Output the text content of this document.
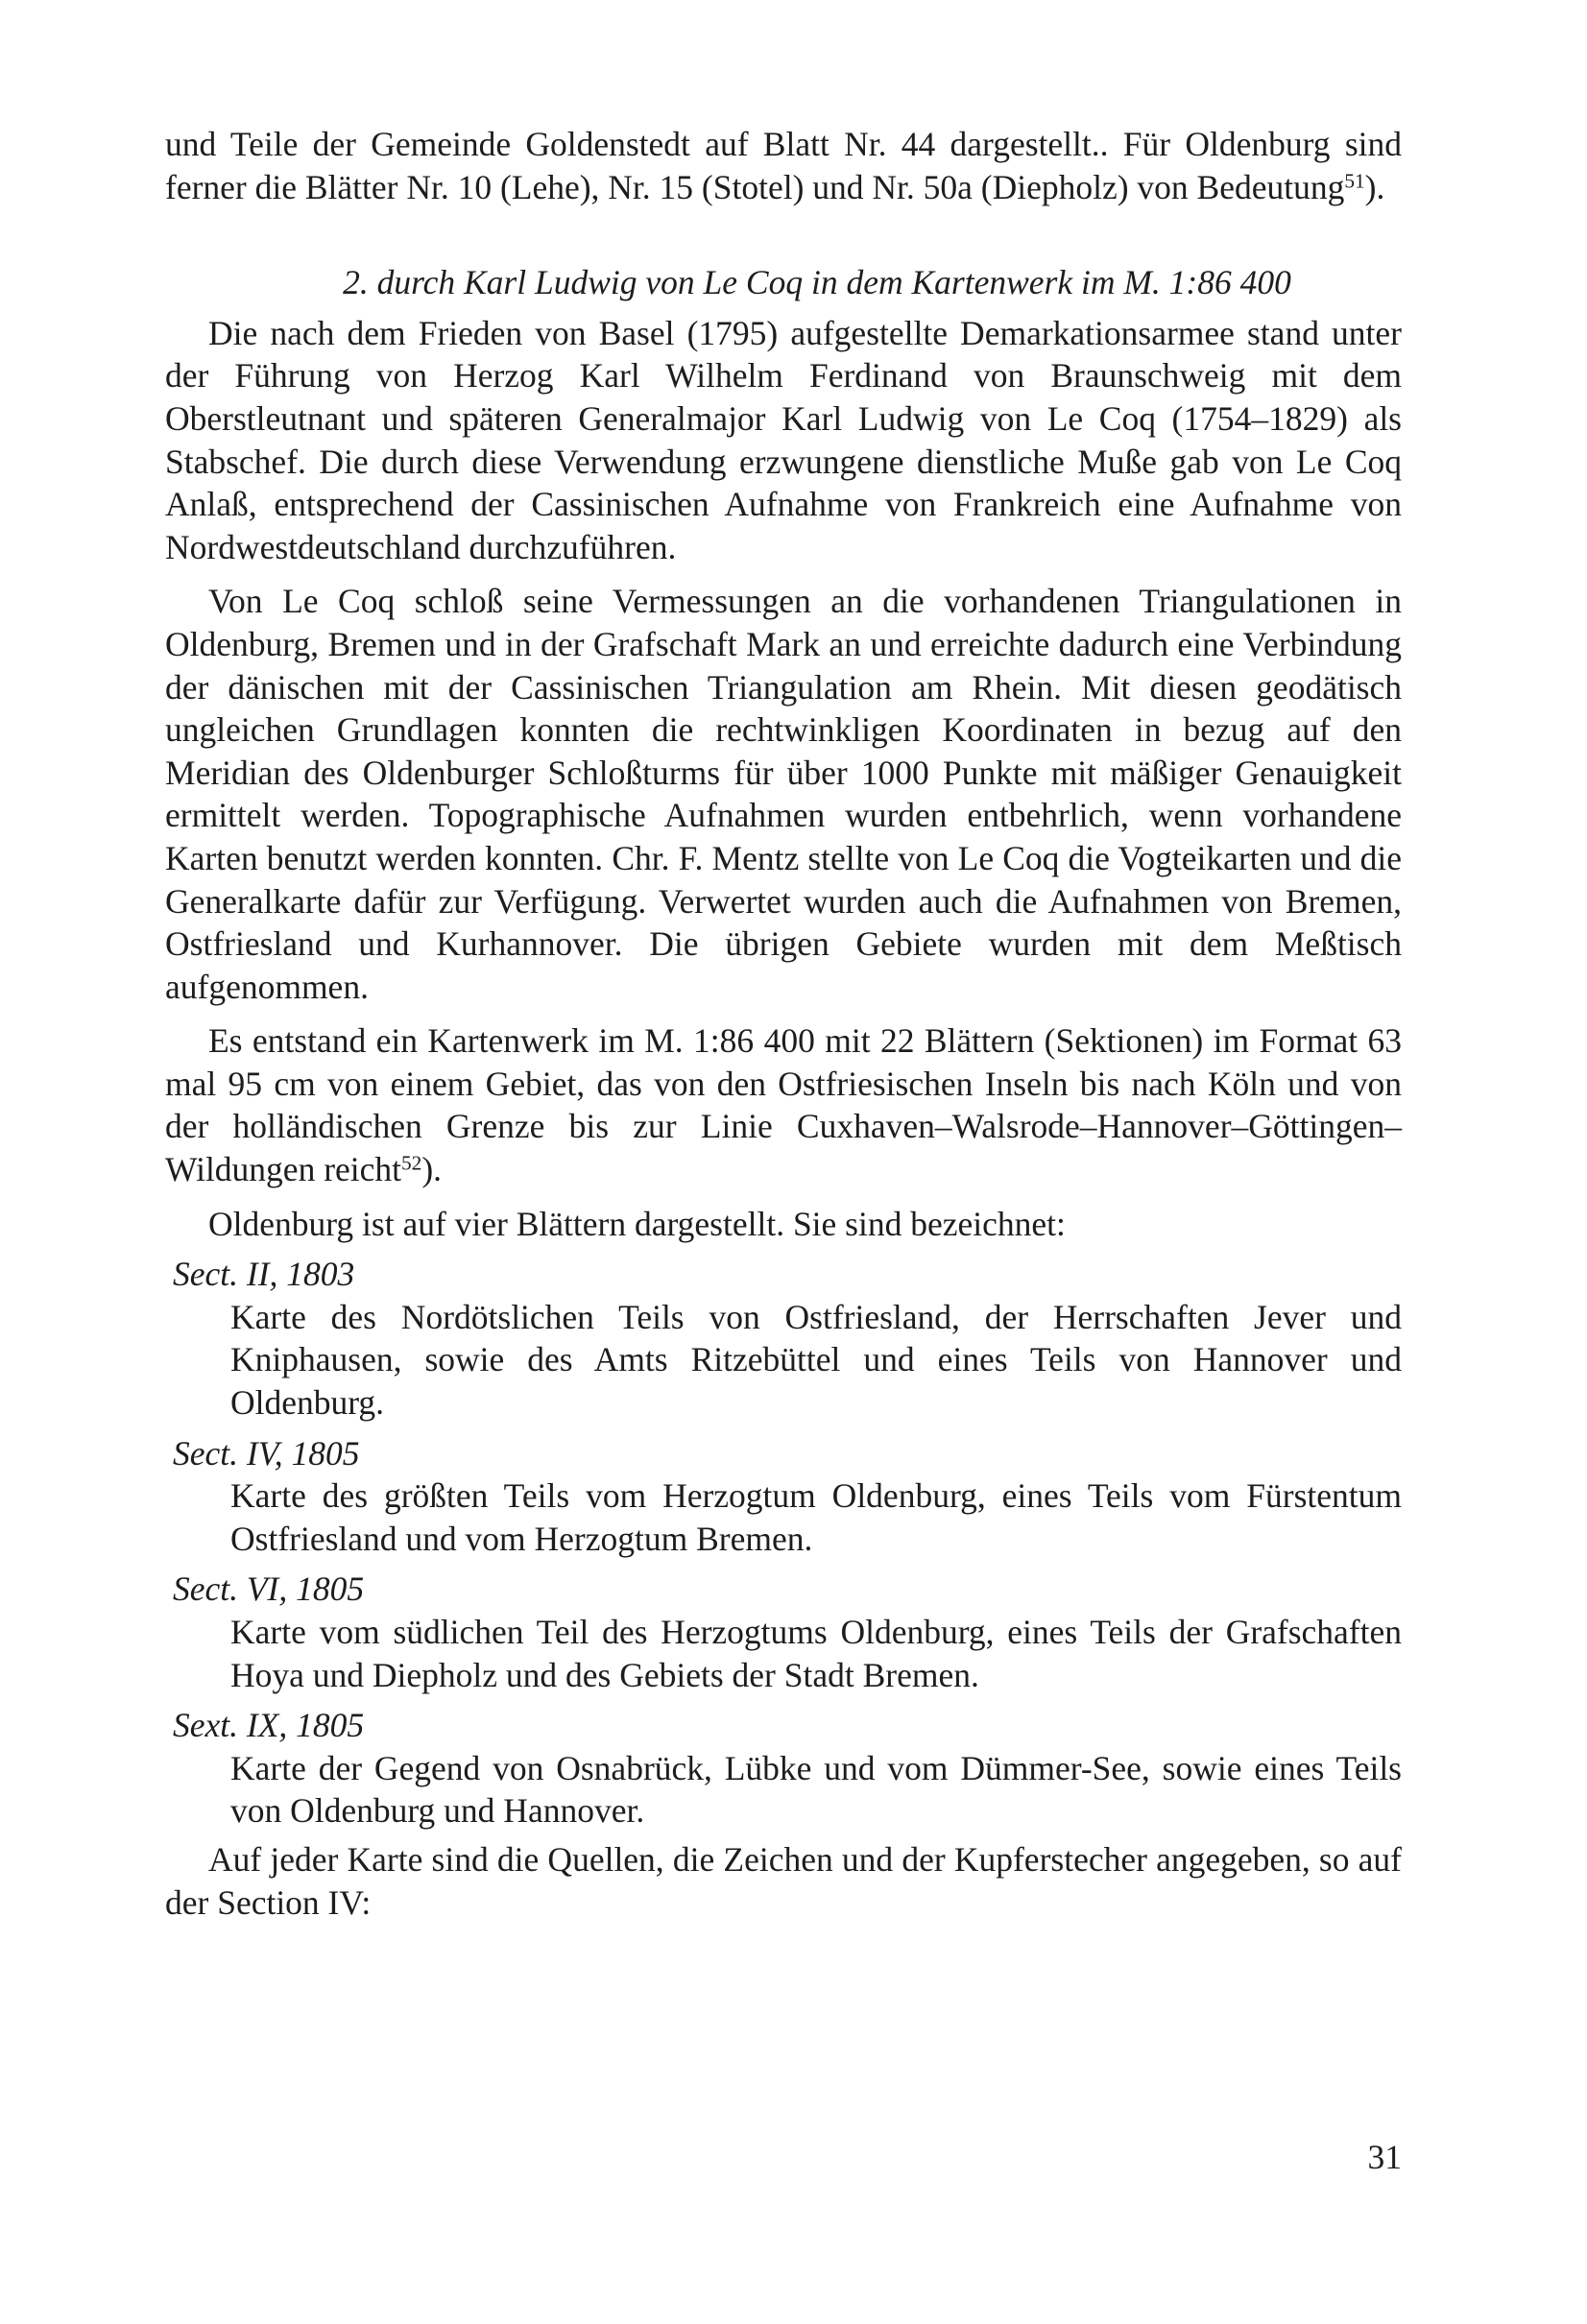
und Teile der Gemeinde Goldenstedt auf Blatt Nr. 44 dargestellt.. Für Oldenburg sind ferner die Blätter Nr. 10 (Lehe), Nr. 15 (Stotel) und Nr. 50a (Diepholz) von Bedeutung$^{51}$).

2. durch Karl Ludwig von Le Coq in dem Kartenwerk im M. 1:86 400

Die nach dem Frieden von Basel (1795) aufgestellte Demarkationsarmee stand unter der Führung von Herzog Karl Wilhelm Ferdinand von Braunschweig mit dem Oberstleutnant und späteren Generalmajor Karl Ludwig von Le Coq (1754–1829) als Stabschef. Die durch diese Verwendung erzwungene dienstliche Muße gab von Le Coq Anlaß, entsprechend der Cassinischen Aufnahme von Frankreich eine Aufnahme von Nordwestdeutschland durchzuführen.

Von Le Coq schloß seine Vermessungen an die vorhandenen Triangulationen in Oldenburg, Bremen und in der Grafschaft Mark an und erreichte dadurch eine Verbindung der dänischen mit der Cassinischen Triangulation am Rhein. Mit diesen geodätisch ungleichen Grundlagen konnten die rechtwinkligen Koordinaten in bezug auf den Meridian des Oldenburger Schloßturms für über 1000 Punkte mit mäßiger Genauigkeit ermittelt werden. Topographische Aufnahmen wurden entbehrlich, wenn vorhandene Karten benutzt werden konnten. Chr. F. Mentz stellte von Le Coq die Vogteikarten und die Generalkarte dafür zur Verfügung. Verwertet wurden auch die Aufnahmen von Bremen, Ostfriesland und Kurhannover. Die übrigen Gebiete wurden mit dem Meßtisch aufgenommen.

Es entstand ein Kartenwerk im M. 1:86 400 mit 22 Blättern (Sektionen) im Format 63 mal 95 cm von einem Gebiet, das von den Ostfriesischen Inseln bis nach Köln und von der holländischen Grenze bis zur Linie Cuxhaven–Walsrode–Hannover–Göttingen–Wildungen reicht$^{52}$).

Oldenburg ist auf vier Blättern dargestellt. Sie sind bezeichnet:

Sect. II, 1803

Karte des Nordötslichen Teils von Ostfriesland, der Herrschaften Jever und Kniphausen, sowie des Amts Ritzebüttel und eines Teils von Hannover und Oldenburg.

Sect. IV, 1805

Karte des größten Teils vom Herzogtum Oldenburg, eines Teils vom Fürstentum Ostfriesland und vom Herzogtum Bremen.

Sect. VI, 1805

Karte vom südlichen Teil des Herzogtums Oldenburg, eines Teils der Grafschaften Hoya und Diepholz und des Gebiets der Stadt Bremen.

Sext. IX, 1805

Karte der Gegend von Osnabrück, Lübke und vom Dümmer-See, sowie eines Teils von Oldenburg und Hannover.

Auf jeder Karte sind die Quellen, die Zeichen und der Kupferstecher angegeben, so auf der Section IV:

31
